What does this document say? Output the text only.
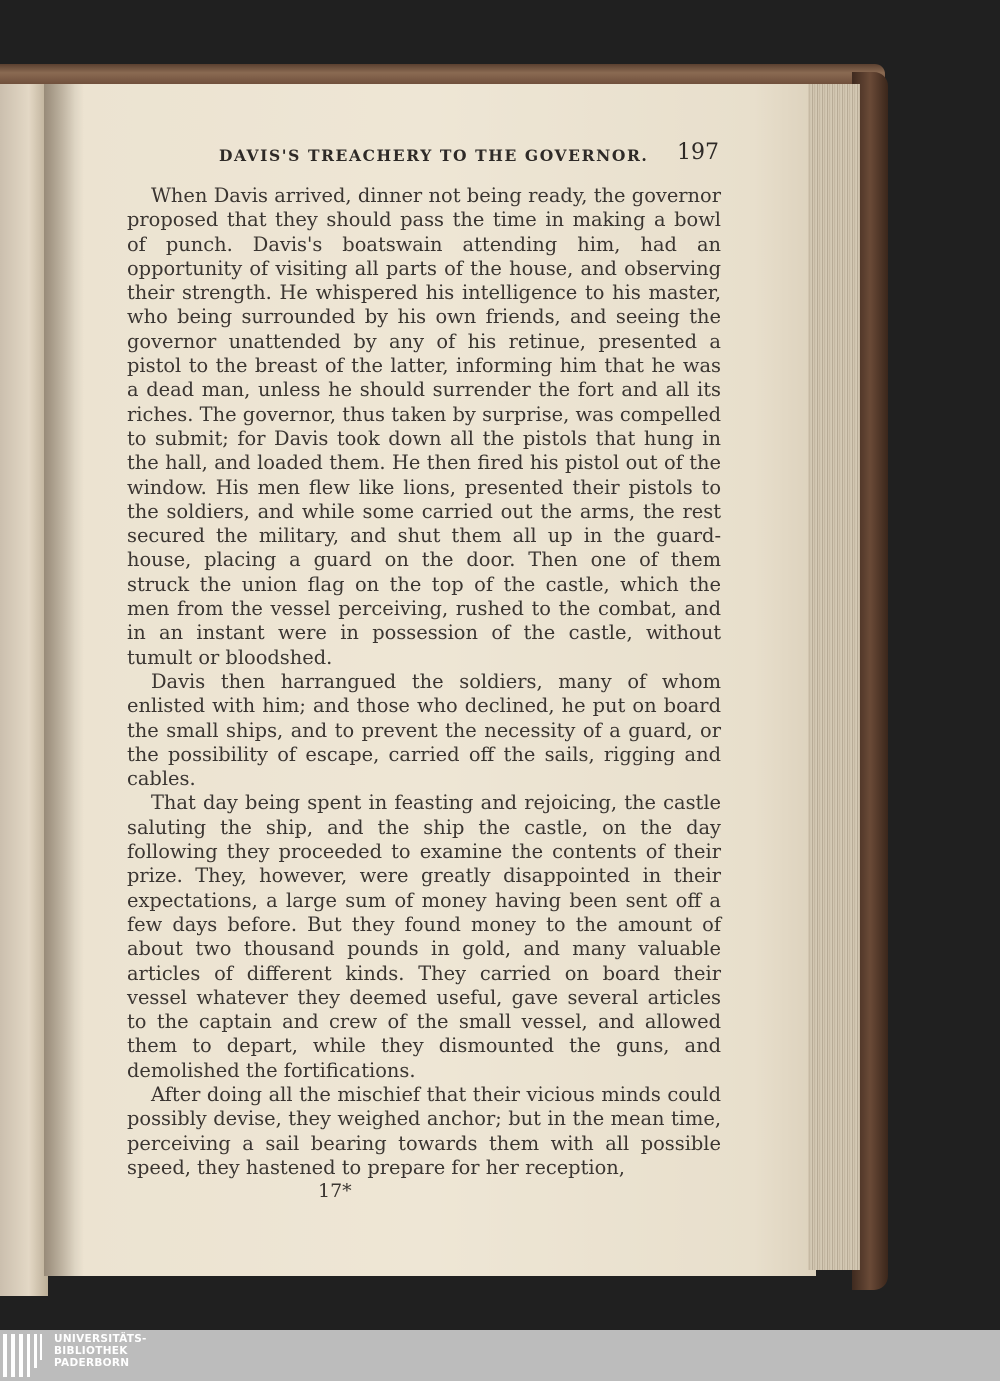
DAVIS'S TREACHERY TO THE GOVERNOR. 197

When Davis arrived, dinner not being ready, the governor proposed that they should pass the time in making a bowl of punch. Davis's boatswain attending him, had an opportunity of visiting all parts of the house, and observing their strength. He whispered his intelligence to his master, who being surrounded by his own friends, and seeing the governor unattended by any of his retinue, presented a pistol to the breast of the latter, informing him that he was a dead man, unless he should surrender the fort and all its riches. The governor, thus taken by surprise, was compelled to submit; for Davis took down all the pistols that hung in the hall, and loaded them. He then fired his pistol out of the window. His men flew like lions, presented their pistols to the soldiers, and while some carried out the arms, the rest secured the military, and shut them all up in the guard-house, placing a guard on the door. Then one of them struck the union flag on the top of the castle, which the men from the vessel perceiving, rushed to the combat, and in an instant were in possession of the castle, without tumult or bloodshed.

Davis then harrangued the soldiers, many of whom enlisted with him; and those who declined, he put on board the small ships, and to prevent the necessity of a guard, or the possibility of escape, carried off the sails, rigging and cables.

That day being spent in feasting and rejoicing, the castle saluting the ship, and the ship the castle, on the day following they proceeded to examine the contents of their prize. They, however, were greatly disappointed in their expectations, a large sum of money having been sent off a few days before. But they found money to the amount of about two thousand pounds in gold, and many valuable articles of different kinds. They carried on board their vessel whatever they deemed useful, gave several articles to the captain and crew of the small vessel, and allowed them to depart, while they dismounted the guns, and demolished the fortifications.

After doing all the mischief that their vicious minds could possibly devise, they weighed anchor; but in the mean time, perceiving a sail bearing towards them with all possible speed, they hastened to prepare for her reception,

17*
UNIVERSITÄTS-
BIBLIOTHEK
PADERBORN
